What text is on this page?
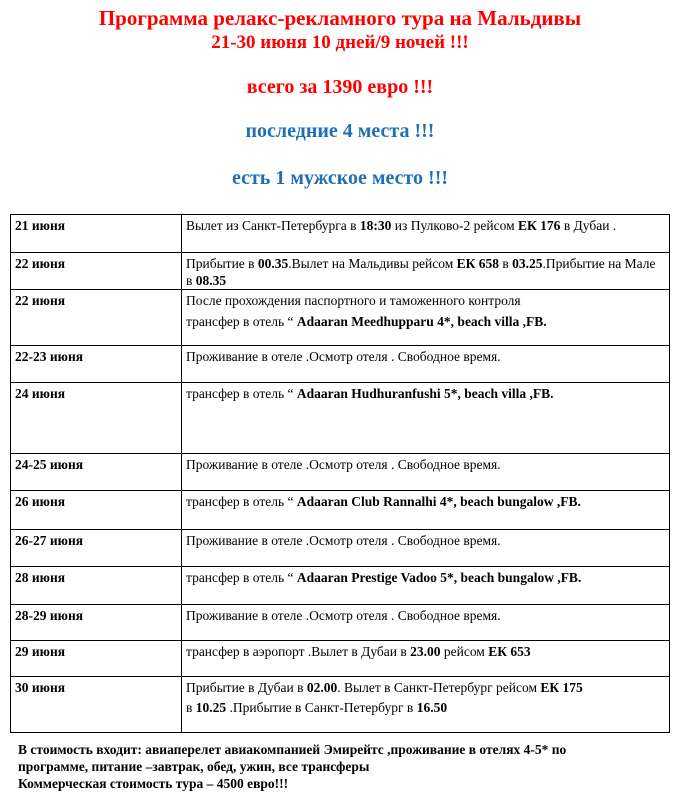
Программа релакс-рекламного тура на Мальдивы
21-30 июня 10 дней/9 ночей !!!
всего за 1390 евро !!!
последние 4 места !!!
есть 1 мужское место !!!
21 июня	Вылет из Санкт-Петербурга в 18:30 из Пулково-2 рейсом ЕК 176 в Дубаи .
22 июня	Прибытие в 00.35.Вылет на Мальдивы рейсом ЕК 658 в 03.25.Прибытие на Мале в 08.35
22 июня	После прохождения паспортного и таможенного контроля
трансфер в отель “ Adaaran Meedhupparu 4*, beach villa ,FB.

22-23 июня	Проживание в отеле .Осмотр отеля . Свободное время.
24 июня	трансфер в отель “ Adaaran Hudhuranfushi 5*, beach villa ,FB.
24-25 июня	Проживание в отеле .Осмотр отеля . Свободное время.
26 июня	трансфер в отель “ Adaaran Club Rannalhi 4*, beach bungalow ,FB.
26-27 июня	Проживание в отеле .Осмотр отеля . Свободное время.
28 июня	трансфер в отель “ Adaaran Prestige Vadoo 5*, beach bungalow ,FB.
28-29 июня	Проживание в отеле .Осмотр отеля . Свободное время.
29 июня	трансфер в аэропорт .Вылет в Дубаи в 23.00 рейсом ЕК 653
30 июня	Прибытие в Дубаи в 02.00. Вылет в Санкт-Петербург рейсом ЕК 175
в 10.25 .Прибытие в Санкт-Петербург в 16.50
В стоимость входит: авиаперелет авиакомпанией Эмирейтс ,проживание в отелях 4-5* по
программе, питание –завтрак, обед, ужин, все трансферы
Коммерческая стоимость тура – 4500 евро!!!
